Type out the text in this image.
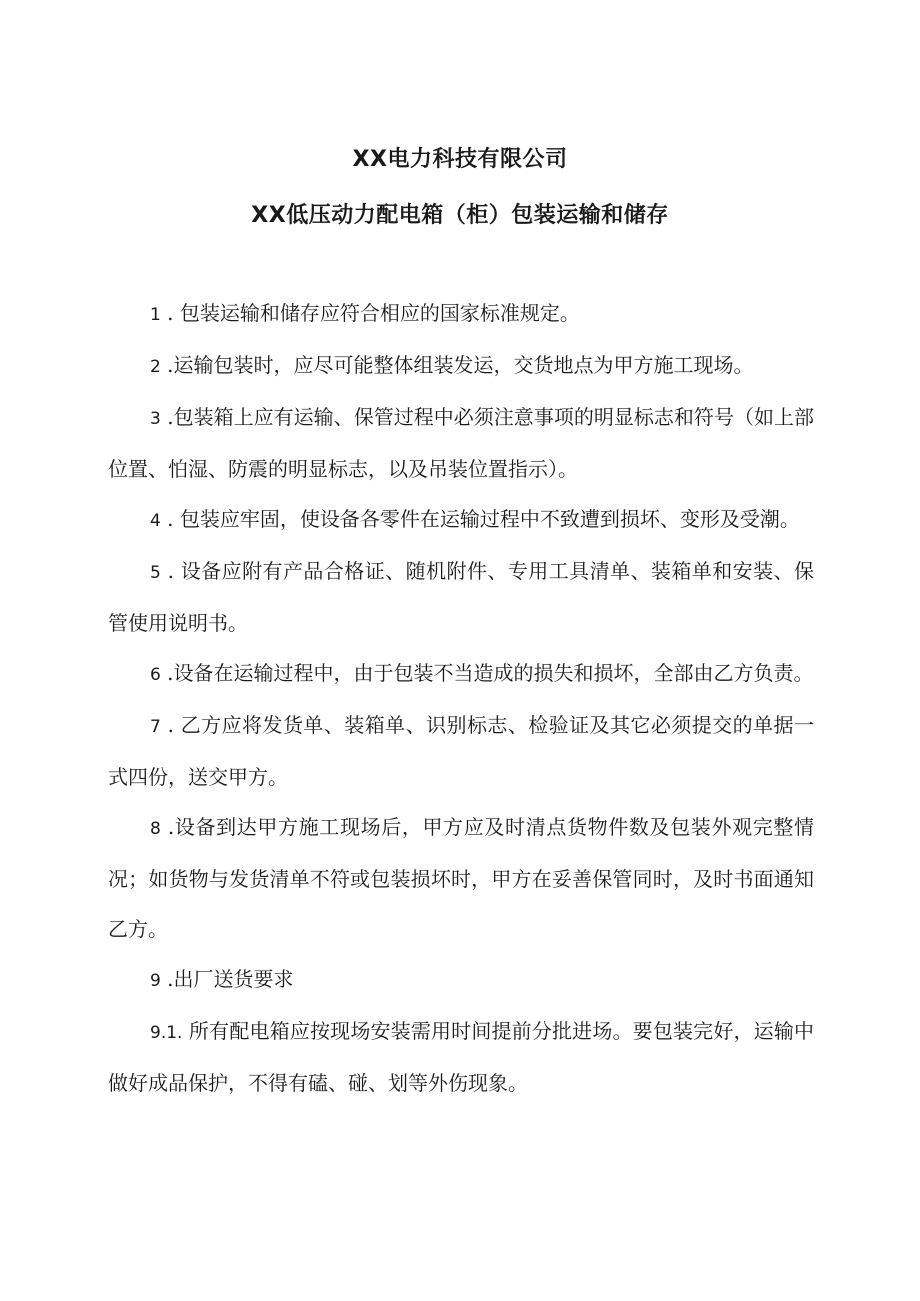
XX电力科技有限公司
XX低压动力配电箱（柜）包装运输和储存

1 . 包装运输和储存应符合相应的国家标准规定。

2 .运输包装时，应尽可能整体组装发运，交货地点为甲方施工现场。

3 .包装箱上应有运输、保管过程中必须注意事项的明显标志和符号（如上部位置、怕湿、防震的明显标志，以及吊装位置指示）。

4 . 包装应牢固，使设备各零件在运输过程中不致遭到损坏、变形及受潮。

5 . 设备应附有产品合格证、随机附件、专用工具清单、装箱单和安装、保管使用说明书。

6 .设备在运输过程中，由于包装不当造成的损失和损坏，全部由乙方负责。

7 . 乙方应将发货单、装箱单、识别标志、检验证及其它必须提交的单据一式四份，送交甲方。

8 .设备到达甲方施工现场后，甲方应及时清点货物件数及包装外观完整情况；如货物与发货清单不符或包装损坏时，甲方在妥善保管同时，及时书面通知乙方。

9 .出厂送货要求

9.1. 所有配电箱应按现场安装需用时间提前分批进场。要包装完好，运输中做好成品保护，不得有磕、碰、划等外伤现象。
